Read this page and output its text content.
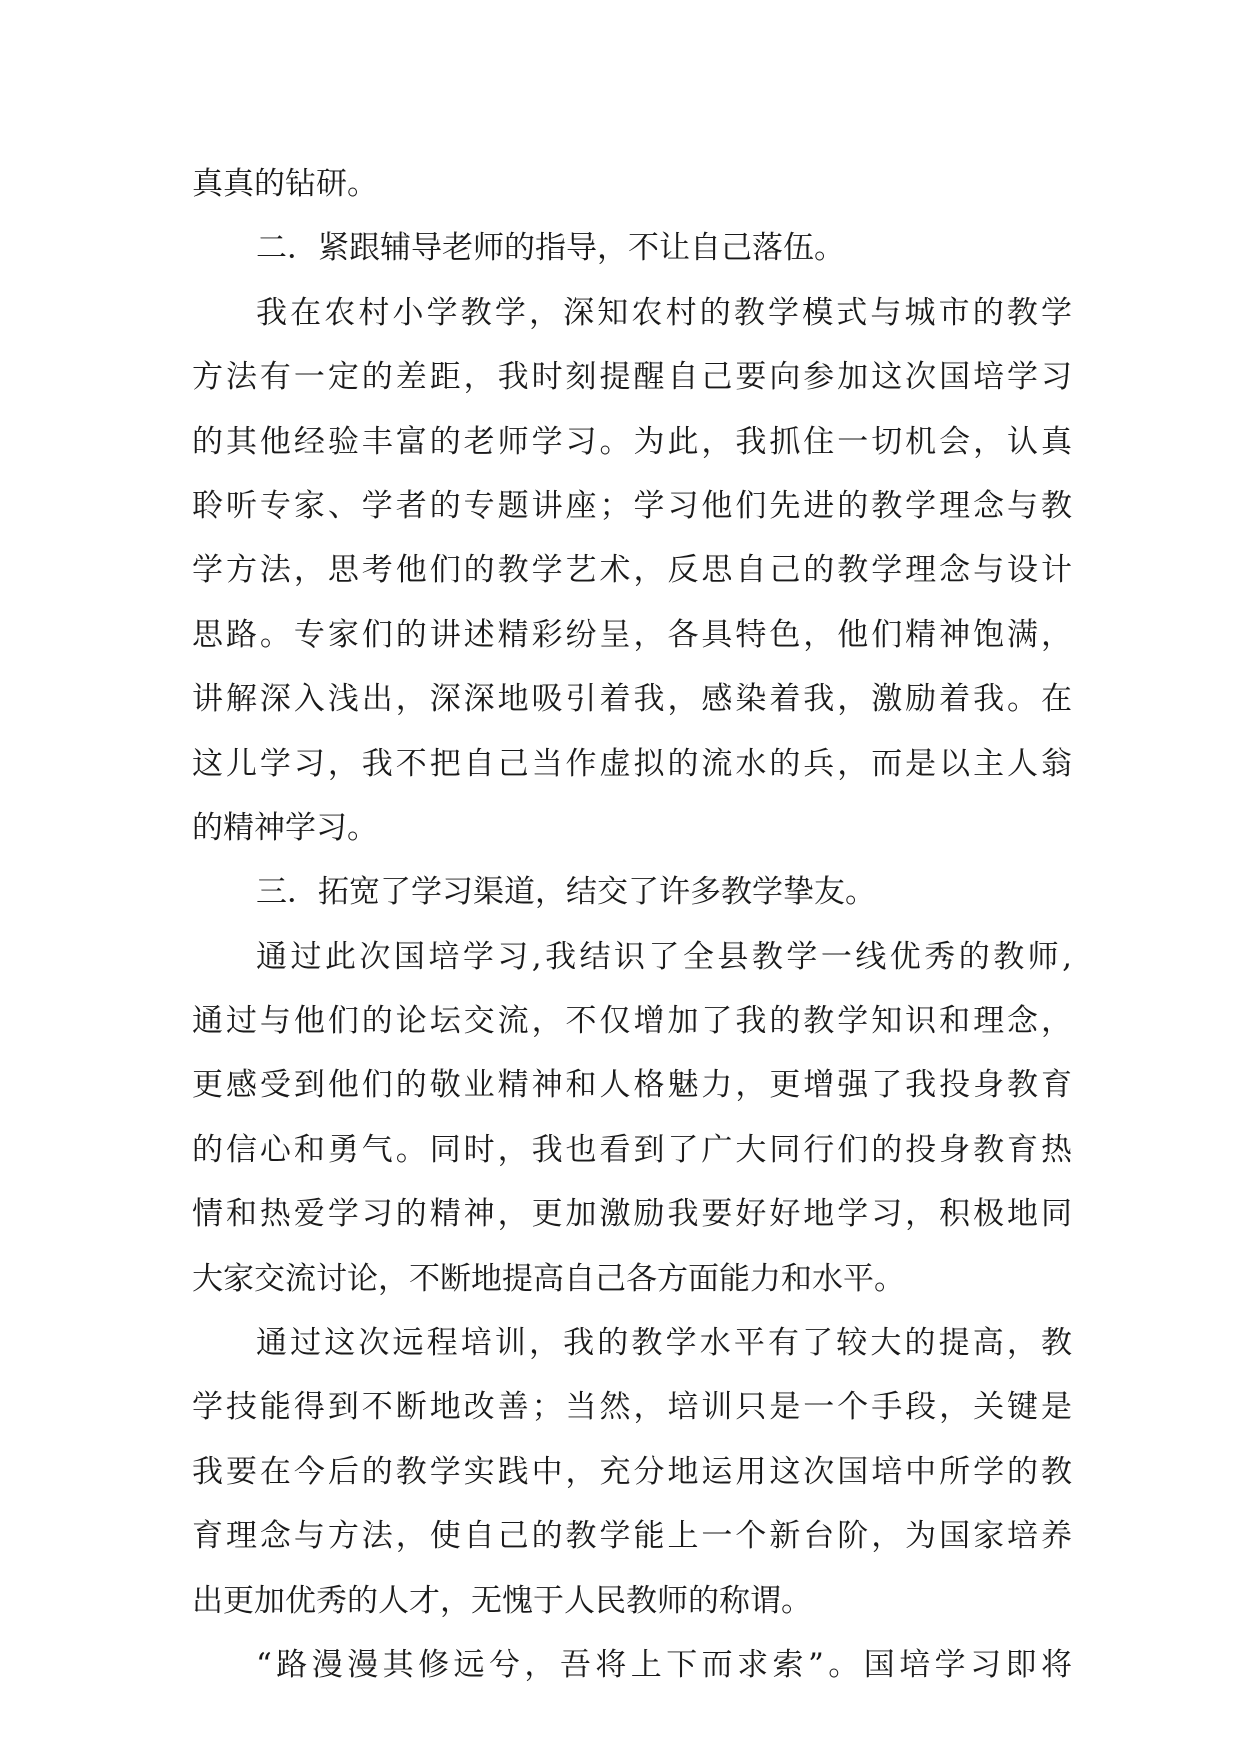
真真的钻研。
二．紧跟辅导老师的指导，不让自己落伍。
我在农村小学教学，深知农村的教学模式与城市的教学
方法有一定的差距，我时刻提醒自己要向参加这次国培学习
的其他经验丰富的老师学习。为此，我抓住一切机会，认真
聆听专家、学者的专题讲座；学习他们先进的教学理念与教
学方法，思考他们的教学艺术，反思自己的教学理念与设计
思路。专家们的讲述精彩纷呈，各具特色，他们精神饱满，
讲解深入浅出，深深地吸引着我，感染着我，激励着我。在
这儿学习，我不把自己当作虚拟的流水的兵，而是以主人翁
的精神学习。
三．拓宽了学习渠道，结交了许多教学挚友。
通过此次国培学习,我结识了全县教学一线优秀的教师,
通过与他们的论坛交流，不仅增加了我的教学知识和理念，
更感受到他们的敬业精神和人格魅力，更增强了我投身教育
的信心和勇气。同时，我也看到了广大同行们的投身教育热
情和热爱学习的精神，更加激励我要好好地学习，积极地同
大家交流讨论，不断地提高自己各方面能力和水平。
通过这次远程培训，我的教学水平有了较大的提高，教
学技能得到不断地改善；当然，培训只是一个手段，关键是
我要在今后的教学实践中，充分地运用这次国培中所学的教
育理念与方法，使自己的教学能上一个新台阶，为国家培养
出更加优秀的人才，无愧于人民教师的称谓。
“路漫漫其修远兮，吾将上下而求索”。国培学习即将
